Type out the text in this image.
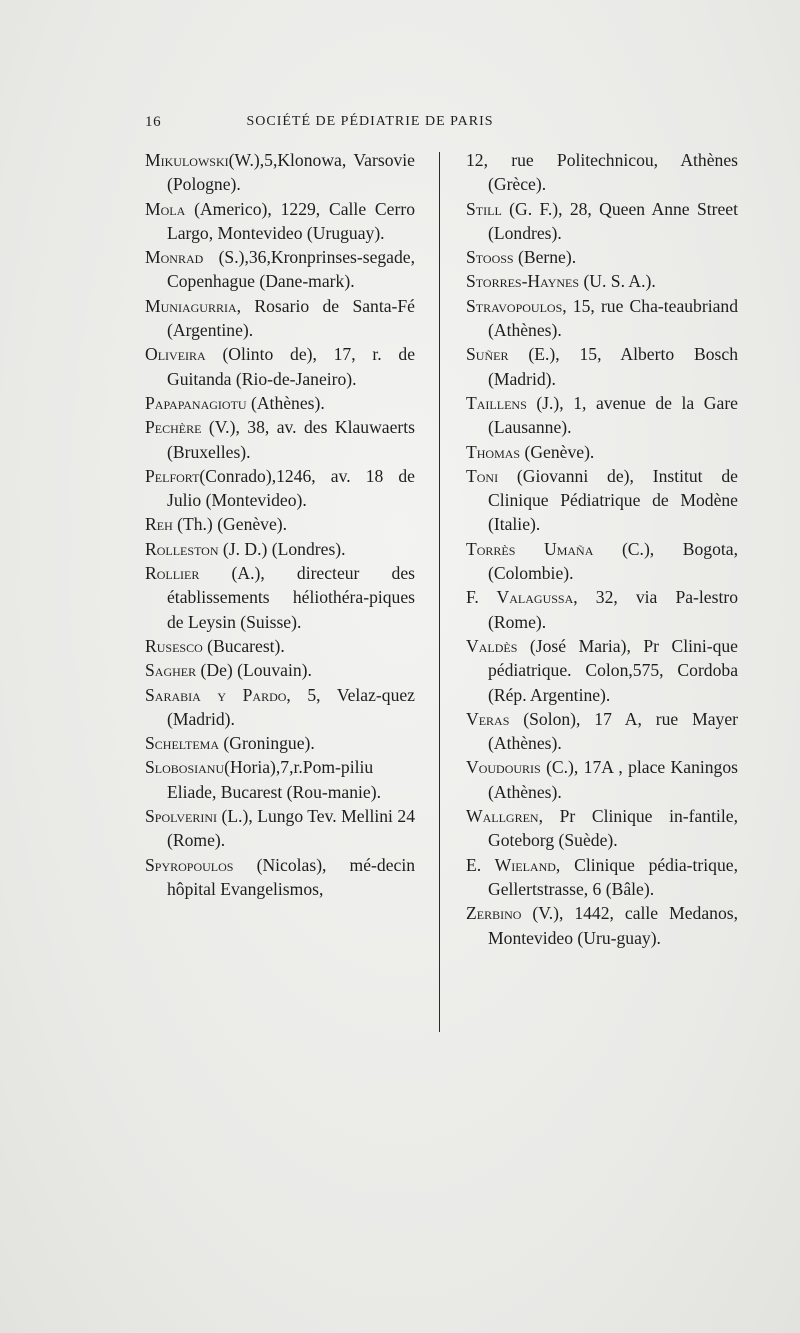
16	SOCIÉTÉ DE PÉDIATRIE DE PARIS
Mikulowski(W.),5,Klonowa, Varsovie (Pologne).
Mola (Americo), 1229, Calle Cerro Largo, Montevideo (Uruguay).
Monrad (S.),36,Kronprinses-segade, Copenhague (Dane-mark).
Muniagurria, Rosario de Santa-Fé (Argentine).
Oliveira (Olinto de), 17, r. de Guitanda (Rio-de-Janeiro).
Papapanagiotu (Athènes).
Pechère (V.), 38, av. des Klauwaerts (Bruxelles).
Pelfort(Conrado),1246, av. 18 de Julio (Montevideo).
Reh (Th.) (Genève).
Rolleston (J. D.) (Londres).
Rollier (A.), directeur des établissements héliothéra-piques de Leysin (Suisse).
Rusesco (Bucarest).
Sagher (De) (Louvain).
Sarabia y Pardo, 5, Velaz-quez (Madrid).
Scheltema (Groningue).
Slobosianu(Horia),7,r.Pom-piliu Eliade, Bucarest (Rou-manie).
Spolverini (L.), Lungo Tev. Mellini 24 (Rome).
Spyropoulos (Nicolas), mé-decin hôpital Evangelismos,
12, rue Politechnicou, Athènes (Grèce).
Still (G. F.), 28, Queen Anne Street (Londres).
Stooss (Berne).
Storres-Haynes (U. S. A.).
Stravopoulos, 15, rue Cha-teaubriand (Athènes).
Suñer (E.), 15, Alberto Bosch (Madrid).
Taillens (J.), 1, avenue de la Gare (Lausanne).
Thomas (Genève).
Toni (Giovanni de), Institut de Clinique Pédiatrique de Modène (Italie).
Torrès Umaña (C.), Bogota, (Colombie).
F. Valagussa, 32, via Pa-lestro (Rome).
Valdès (José Maria), Pr Clini-que pédiatrique. Colon,575, Cordoba (Rép. Argentine).
Veras (Solon), 17 A, rue Mayer (Athènes).
Voudouris (C.), 17A , place Kaningos (Athènes).
Wallgren, Pr Clinique in-fantile, Goteborg (Suède).
E. Wieland, Clinique pédia-trique, Gellertstrasse, 6 (Bâle).
Zerbino (V.), 1442, calle Medanos, Montevideo (Uru-guay).
